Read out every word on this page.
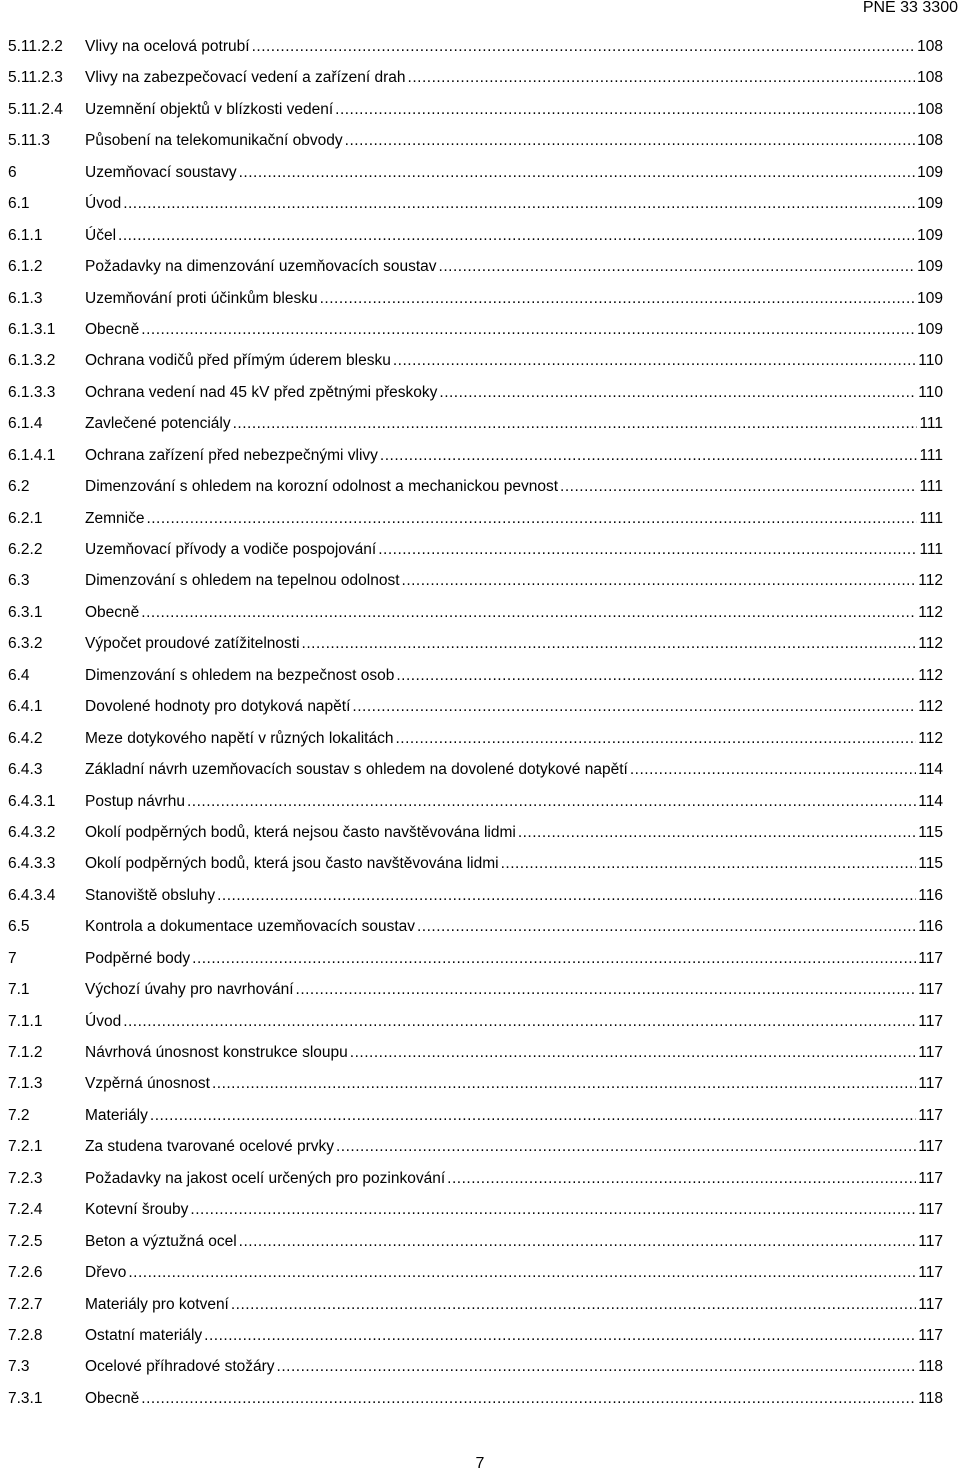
PNE 33 3300
5.11.2.2	Vlivy na ocelová potrubí .....	108
5.11.2.3	Vlivy na zabezpečovací vedení a zařízení drah .....	108
5.11.2.4	Uzemnění objektů v blízkosti vedení .....	108
5.11.3	Působení na telekomunikační obvody .....	108
6	Uzemňovací soustavy .....	109
6.1	Úvod .....	109
6.1.1	Účel .....	109
6.1.2	Požadavky na dimenzování uzemňovacích soustav .....	109
6.1.3	Uzemňování proti účinkům blesku .....	109
6.1.3.1	Obecně .....	109
6.1.3.2	Ochrana vodičů před přímým úderem blesku .....	110
6.1.3.3	Ochrana vedení nad 45 kV před zpětnými přeskoky .....	110
6.1.4	Zavlečené potenciály .....	111
6.1.4.1	Ochrana zařízení před nebezpečnými vlivy .....	111
6.2	Dimenzování s ohledem na korozní odolnost a mechanickou pevnost .....	111
6.2.1	Zemniče .....	111
6.2.2	Uzemňovací přívody a vodiče pospojování .....	111
6.3	Dimenzování s ohledem na tepelnou odolnost .....	112
6.3.1	Obecně .....	112
6.3.2	Výpočet proudové zatížitelnosti .....	112
6.4	Dimenzování s ohledem na bezpečnost osob .....	112
6.4.1	Dovolené hodnoty pro dotyková napětí .....	112
6.4.2	Meze dotykového napětí v různých lokalitách .....	112
6.4.3	Základní návrh uzemňovacích soustav s ohledem na dovolené dotykové napětí .....	114
6.4.3.1	Postup návrhu .....	114
6.4.3.2	Okolí podpěrných bodů, která nejsou často navštěvována lidmi .....	115
6.4.3.3	Okolí podpěrných bodů, která jsou často navštěvována lidmi .....	115
6.4.3.4	Stanoviště obsluhy .....	116
6.5	Kontrola a dokumentace uzemňovacích soustav .....	116
7	Podpěrné body .....	117
7.1	Výchozí úvahy pro navrhování .....	117
7.1.1	Úvod .....	117
7.1.2	Návrhová únosnost konstrukce sloupu .....	117
7.1.3	Vzpěrná únosnost .....	117
7.2	Materiály .....	117
7.2.1	Za studena tvarované ocelové prvky .....	117
7.2.3	Požadavky na jakost ocelí určených pro pozinkování .....	117
7.2.4	Kotevní šrouby .....	117
7.2.5	Beton a výztužná ocel .....	117
7.2.6	Dřevo .....	117
7.2.7	Materiály pro kotvení .....	117
7.2.8	Ostatní materiály .....	117
7.3	Ocelové příhradové stožáry .....	118
7.3.1	Obecně .....	118
7
